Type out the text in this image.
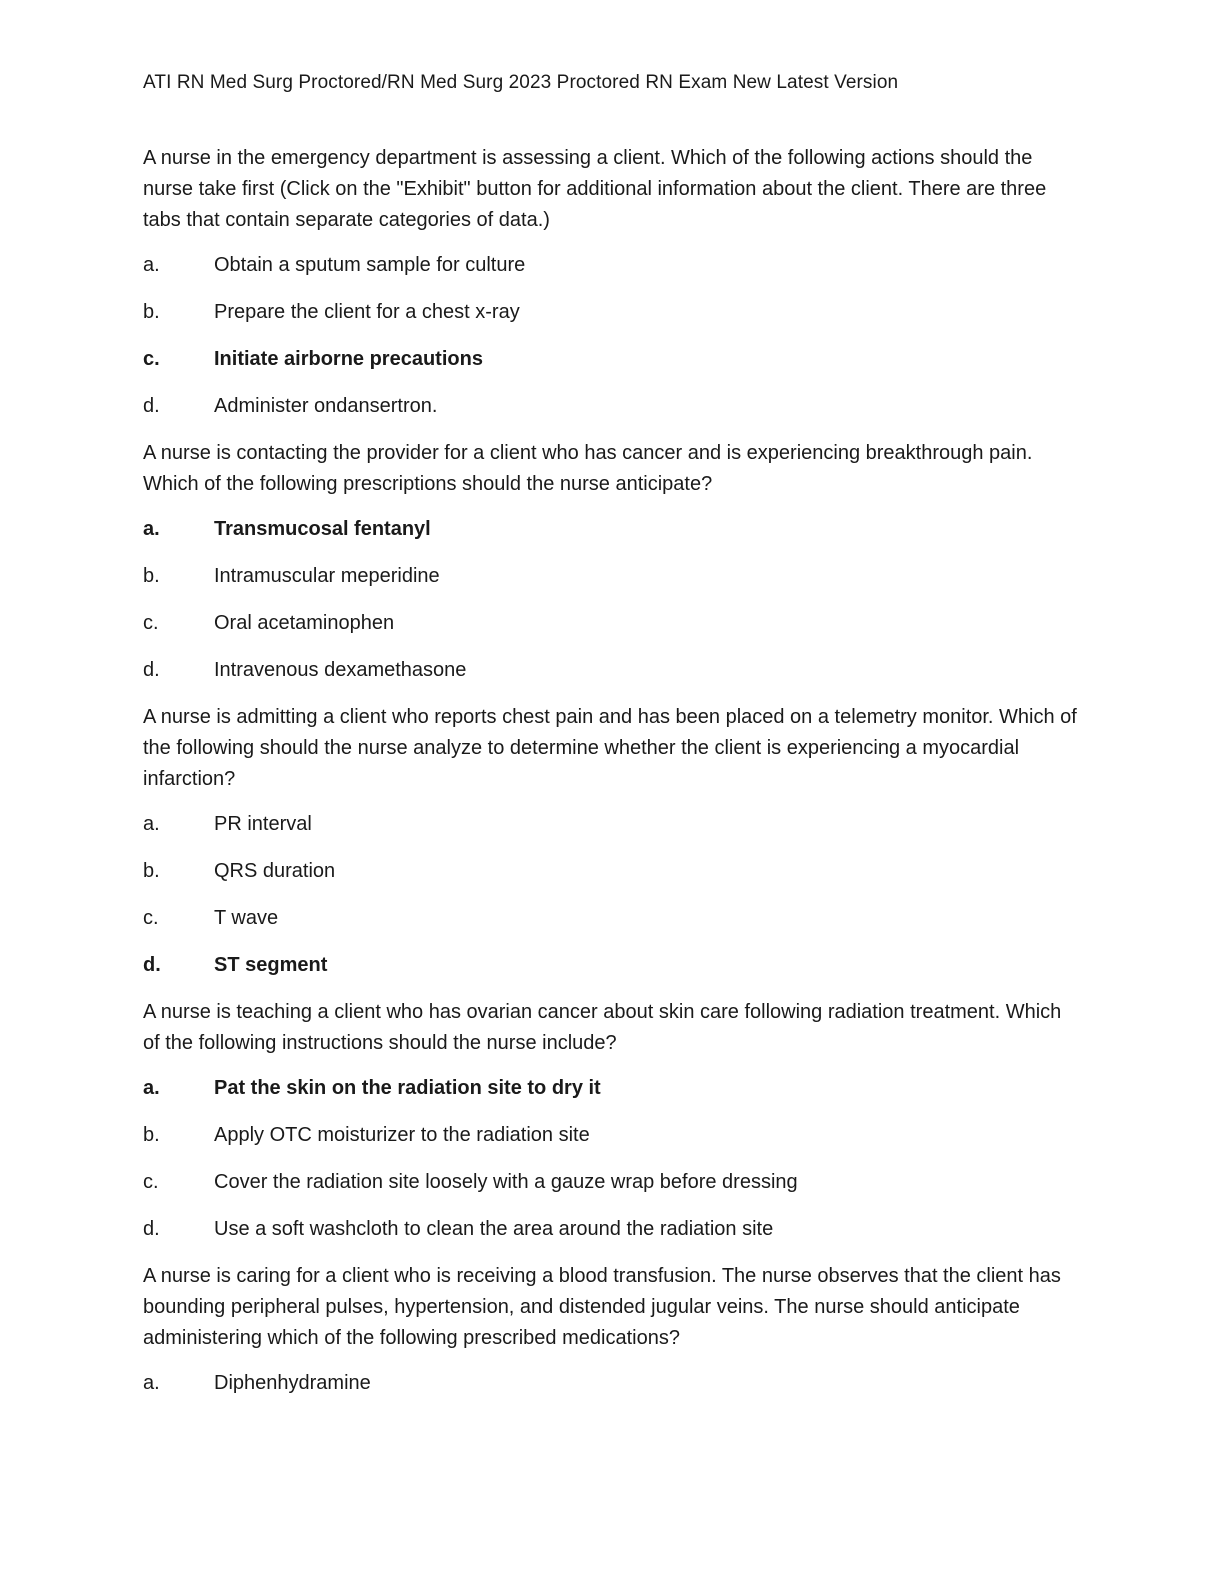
ATI RN Med Surg Proctored/RN Med Surg 2023 Proctored RN Exam New Latest Version

A nurse in the emergency department is assessing a client. Which of the following actions should the nurse take first (Click on the "Exhibit" button for additional information about the client. There are three tabs that contain separate categories of data.)

a.	Obtain a sputum sample for culture
b.	Prepare the client for a chest x-ray
c.	Initiate airborne precautions
d.	Administer ondansertron.

A nurse is contacting the provider for a client who has cancer and is experiencing breakthrough pain. Which of the following prescriptions should the nurse anticipate?

a.	Transmucosal fentanyl
b.	Intramuscular meperidine
c.	Oral acetaminophen
d.	Intravenous dexamethasone

A nurse is admitting a client who reports chest pain and has been placed on a telemetry monitor. Which of the following should the nurse analyze to determine whether the client is experiencing a myocardial infarction?

a.	PR interval
b.	QRS duration
c.	T wave
d.	ST segment

A nurse is teaching a client who has ovarian cancer about skin care following radiation treatment. Which of the following instructions should the nurse include?

a.	Pat the skin on the radiation site to dry it
b.	Apply OTC moisturizer to the radiation site
c.	Cover the radiation site loosely with a gauze wrap before dressing
d.	Use a soft washcloth to clean the area around the radiation site

A nurse is caring for a client who is receiving a blood transfusion. The nurse observes that the client has bounding peripheral pulses, hypertension, and distended jugular veins. The nurse should anticipate administering which of the following prescribed medications?

a.	Diphenhydramine
